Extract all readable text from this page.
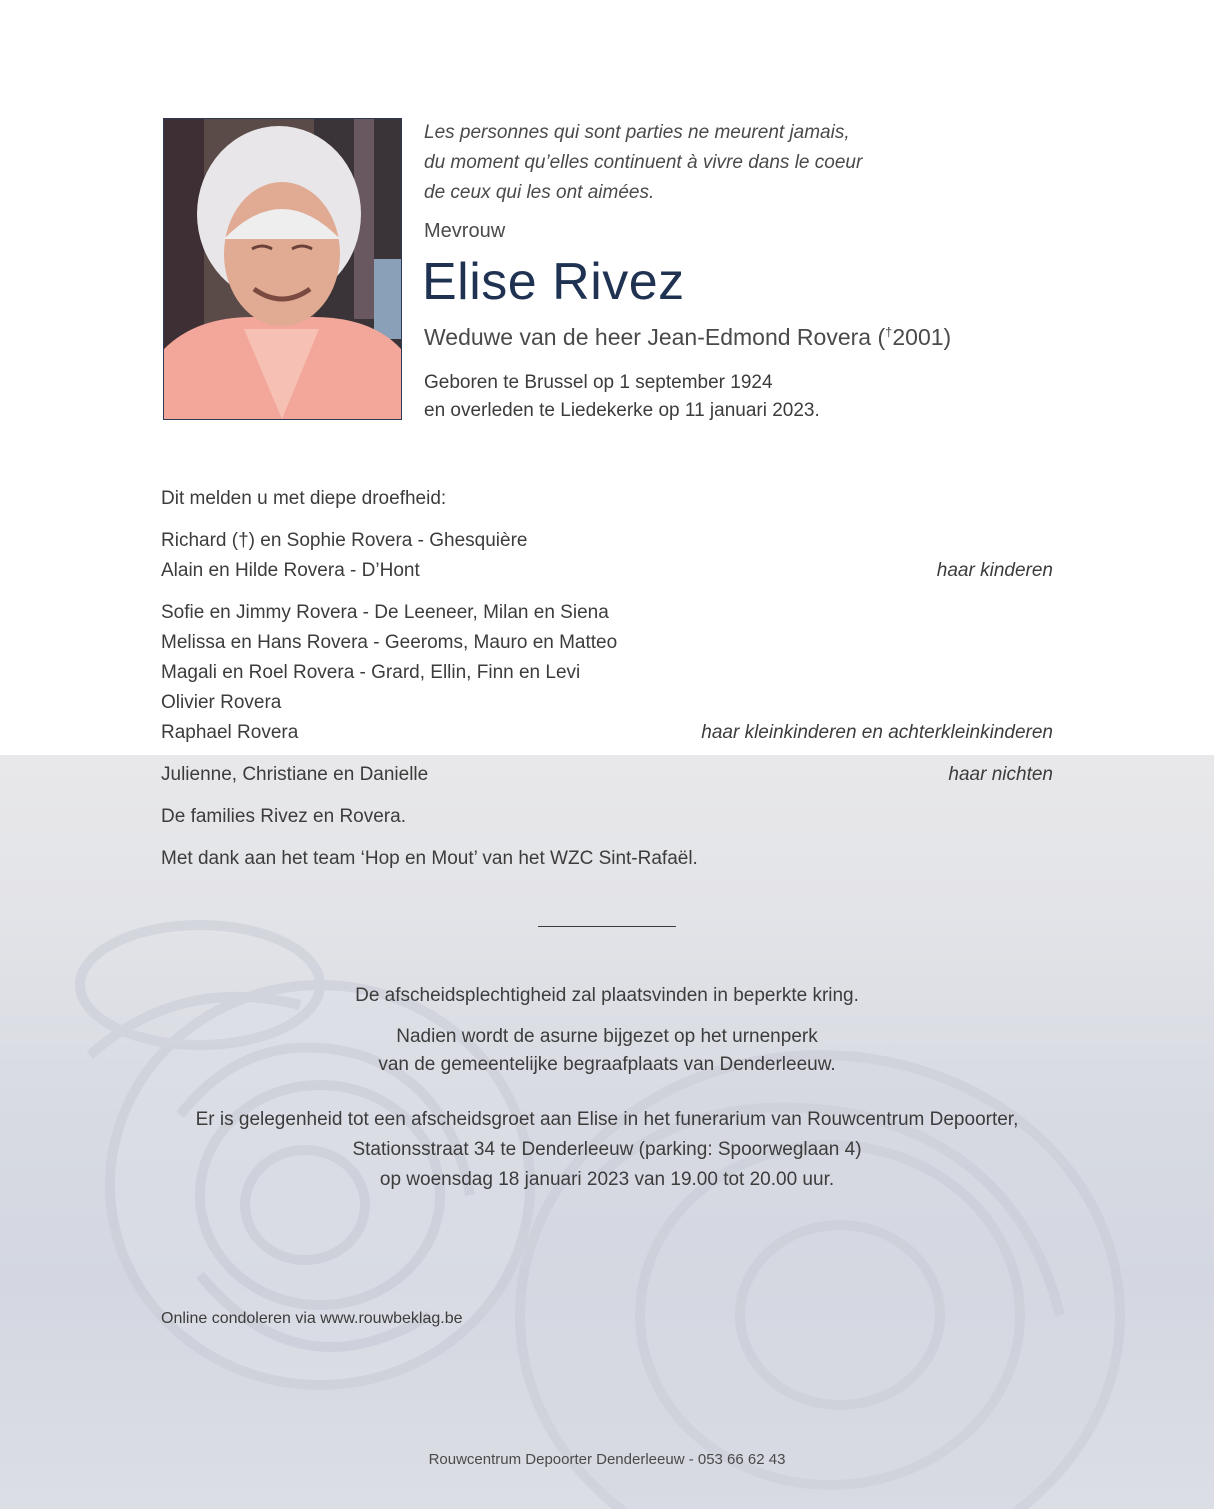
Les personnes qui sont parties ne meurent jamais,
du moment qu’elles continuent à vivre dans le coeur
de ceux qui les ont aimées.
Mevrouw
Elise Rivez
Weduwe van de heer Jean-Edmond Rovera (†2001)
Geboren te Brussel op 1 september 1924
en overleden te Liedekerke op 11 januari 2023.
Dit melden u met diepe droefheid:
Richard (†) en Sophie Rovera - Ghesquière
Alain en Hilde Rovera - D’Hont	haar kinderen
Sofie en Jimmy Rovera - De Leeneer, Milan en Siena
Melissa en Hans Rovera - Geeroms, Mauro en Matteo
Magali en Roel Rovera - Grard, Ellin, Finn en Levi
Olivier Rovera
Raphael Rovera	haar kleinkinderen en achterkleinkinderen
Julienne, Christiane en Danielle	haar nichten
De families Rivez en Rovera.
Met dank aan het team ‘Hop en Mout’ van het WZC Sint-Rafaël.
De afscheidsplechtigheid zal plaatsvinden in beperkte kring.
Nadien wordt de asurne bijgezet op het urnenperk
van de gemeentelijke begraafplaats van Denderleeuw.
Er is gelegenheid tot een afscheidsgroet aan Elise in het funerarium van Rouwcentrum Depoorter,
Stationsstraat 34 te Denderleeuw (parking: Spoorweglaan 4)
op woensdag 18 januari 2023 van 19.00 tot 20.00 uur.
Online condoleren via www.rouwbeklag.be
Rouwcentrum Depoorter Denderleeuw - 053 66 62 43
